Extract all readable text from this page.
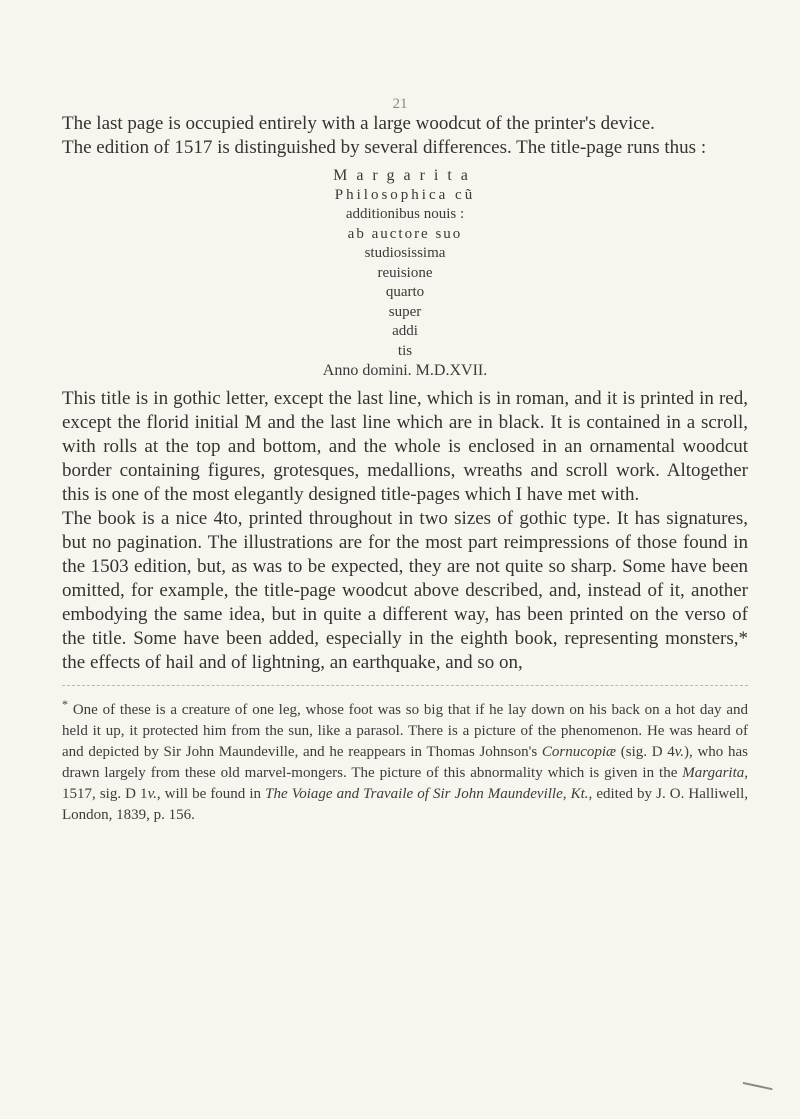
21

The last page is occupied entirely with a large woodcut of the printer's device.

The edition of 1517 is distinguished by several differences. The title-page runs thus :

Margarita
Philosophica cũ
additionibus nouis :
ab auctore suo
studiosissima
reuisione
quarto
super
addi
tis
Anno domini. M.D.XVII.

This title is in gothic letter, except the last line, which is in roman, and it is printed in red, except the florid initial M and the last line which are in black. It is contained in a scroll, with rolls at the top and bottom, and the whole is enclosed in an ornamental woodcut border containing figures, grotesques, medallions, wreaths and scroll work. Altogether this is one of the most elegantly designed title-pages which I have met with.

The book is a nice 4to, printed throughout in two sizes of gothic type. It has signatures, but no pagination. The illustrations are for the most part reimpressions of those found in the 1503 edition, but, as was to be expected, they are not quite so sharp. Some have been omitted, for example, the title-page woodcut above described, and, instead of it, another embodying the same idea, but in quite a different way, has been printed on the verso of the title. Some have been added, especially in the eighth book, representing monsters,* the effects of hail and of lightning, an earthquake, and so on,

* One of these is a creature of one leg, whose foot was so big that if he lay down on his back on a hot day and held it up, it protected him from the sun, like a parasol. There is a picture of the phenomenon. He was heard of and depicted by Sir John Maundeville, and he reappears in Thomas Johnson's Cornucopiæ (sig. D 4v.), who has drawn largely from these old marvel-mongers. The picture of this abnormality which is given in the Margarita, 1517, sig. D 1v., will be found in The Voiage and Travaile of Sir John Maundeville, Kt., edited by J. O. Halliwell, London, 1839, p. 156.
